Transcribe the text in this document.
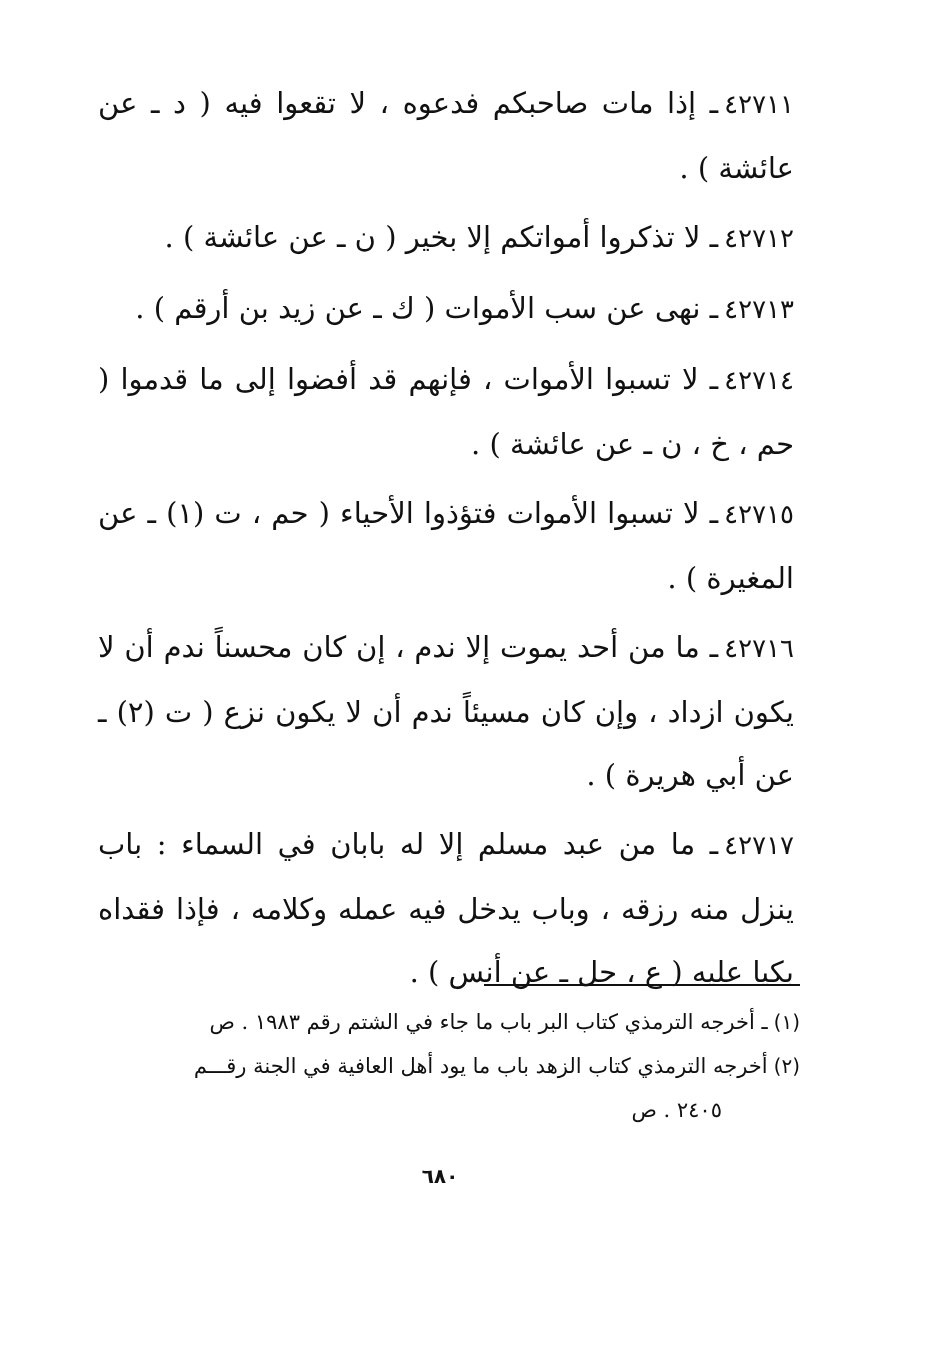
٤٢٧١١ـ إذا مات صاحبكم فدعوه ، لا تقعوا فيه ( د ـ عن عائشة ) .

٤٢٧١٢ـ لا تذكروا أمواتكم إلا بخير ( ن ـ عن عائشة ) .

٤٢٧١٣ـ نهى عن سب الأموات ( ك ـ عن زيد بن أرقم ) .

٤٢٧١٤ـ لا تسبوا الأموات ، فإنهم قد أفضوا إلى ما قدموا ( حم ، خ ، ن ـ عن عائشة ) .

٤٢٧١٥ـ لا تسبوا الأموات فتؤذوا الأحياء ( حم ، ت (١) ـ عن المغيرة ) .

٤٢٧١٦ـ ما من أحد يموت إلا ندم ، إن كان محسناً ندم أن لا يكون ازداد ، وإن كان مسيئاً ندم أن لا يكون نزع ( ت (٢) ـ عن أبي هريرة ) .

٤٢٧١٧ـ ما من عبد مسلم إلا له بابان في السماء : باب ينزل منه رزقه ، وباب يدخل فيه عمله وكلامه ، فإذا فقداه بكيا عليه ( ع ، حل ـ عن أنس ) .

(١)ـ أخرجه الترمذي كتاب البر باب ما جاء في الشتم رقم ١٩٨٣ . ص

(٢)أخرجه الترمذي كتاب الزهد باب ما يود أهل العافية في الجنة رقـــم

٢٤٠٥ . ص

٦٨٠
